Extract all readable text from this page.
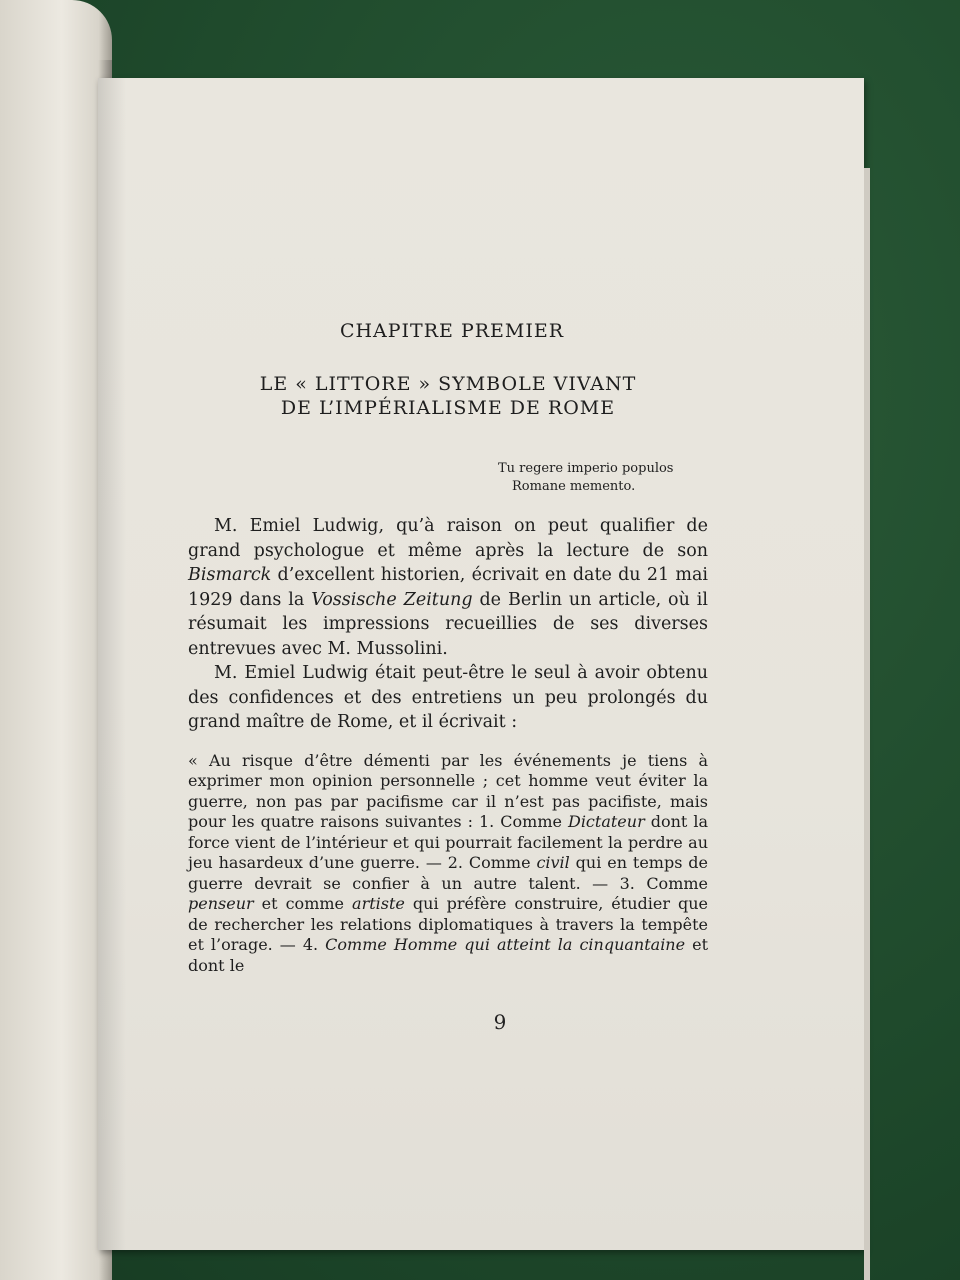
CHAPITRE PREMIER
LE « LITTORE » SYMBOLE VIVANT
DE L’IMPÉRIALISME DE ROME
Tu regere imperio populos
Romane memento.
M. Emiel Ludwig, qu’à raison on peut qualifier de grand psychologue et même après la lecture de son Bismarck d’excellent historien, écrivait en date du 21 mai 1929 dans la Vossische Zeitung de Berlin un article, où il résumait les impressions recueillies de ses diverses entrevues avec M. Mussolini.
M. Emiel Ludwig était peut-être le seul à avoir obtenu des confidences et des entretiens un peu prolongés du grand maître de Rome, et il écrivait :
« Au risque d’être démenti par les événements je tiens à exprimer mon opinion personnelle ; cet homme veut éviter la guerre, non pas par pacifisme car il n’est pas pacifiste, mais pour les quatre raisons suivantes : 1. Comme Dictateur dont la force vient de l’intérieur et qui pourrait facilement la perdre au jeu hasardeux d’une guerre. — 2. Comme civil qui en temps de guerre devrait se confier à un autre talent. — 3. Comme penseur et comme artiste qui préfère construire, étudier que de rechercher les relations diplomatiques à travers la tempête et l’orage. — 4. Comme Homme qui atteint la cinquantaine et dont le
9
